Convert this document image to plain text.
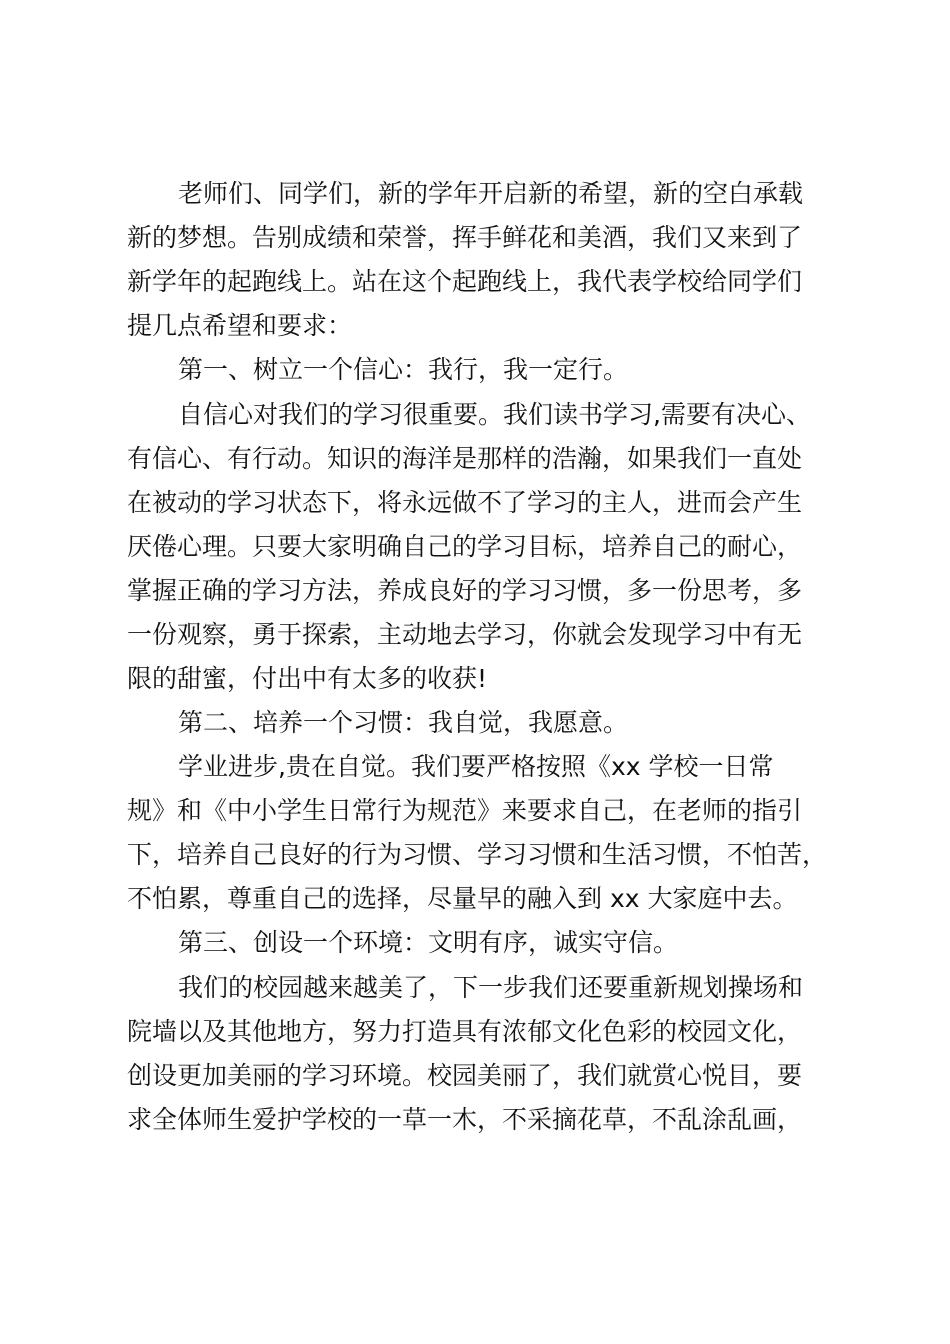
老师们、同学们，新的学年开启新的希望，新的空白承载

新的梦想。告别成绩和荣誉，挥手鲜花和美酒，我们又来到了

新学年的起跑线上。站在这个起跑线上，我代表学校给同学们

提几点希望和要求：

第一、树立一个信心：我行，我一定行。

自信心对我们的学习很重要。我们读书学习,需要有决心、

有信心、有行动。知识的海洋是那样的浩瀚，如果我们一直处

在被动的学习状态下，将永远做不了学习的主人，进而会产生

厌倦心理。只要大家明确自己的学习目标，培养自己的耐心，

掌握正确的学习方法，养成良好的学习习惯，多一份思考，多

一份观察，勇于探索，主动地去学习，你就会发现学习中有无

限的甜蜜，付出中有太多的收获!

第二、培养一个习惯：我自觉，我愿意。

学业进步,贵在自觉。我们要严格按照《xx 学校一日常

规》和《中小学生日常行为规范》来要求自己，在老师的指引

下，培养自己良好的行为习惯、学习习惯和生活习惯，不怕苦，

不怕累，尊重自己的选择，尽量早的融入到 xx 大家庭中去。

第三、创设一个环境：文明有序，诚实守信。

我们的校园越来越美了，下一步我们还要重新规划操场和

院墙以及其他地方，努力打造具有浓郁文化色彩的校园文化，

创设更加美丽的学习环境。校园美丽了，我们就赏心悦目，要

求全体师生爱护学校的一草一木，不采摘花草，不乱涂乱画，
